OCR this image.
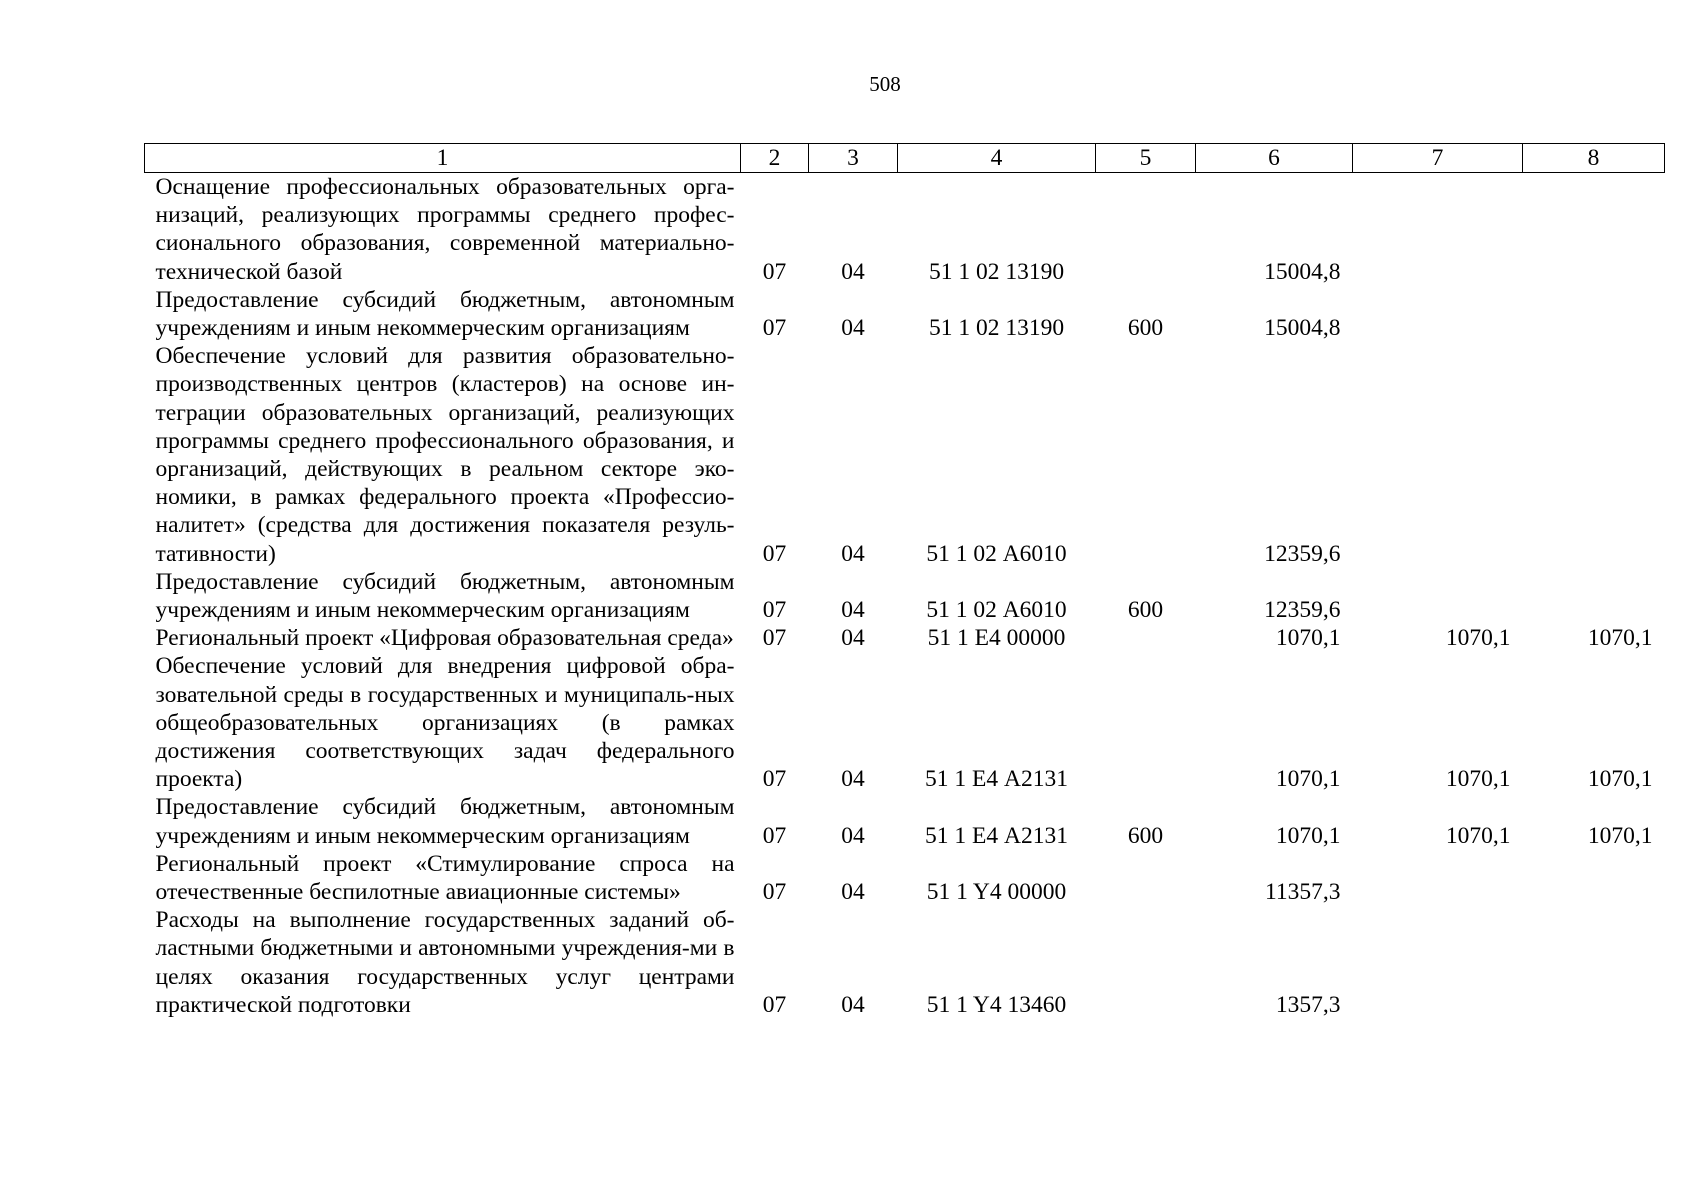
508
1	2	3	4	5	6	7	8
Оснащение профессиональных образовательных орга-низаций, реализующих программы среднего профес-сионального образования, современной материально-технической базой	07	04	51 1 02 13190		15004,8		
Предоставление субсидий бюджетным, автономным учреждениям и иным некоммерческим организациям	07	04	51 1 02 13190	600	15004,8		
Обеспечение условий для развития образовательно-производственных центров (кластеров) на основе ин-теграции образовательных организаций, реализующих программы среднего профессионального образования, и организаций, действующих в реальном секторе эко-номики, в рамках федерального проекта «Профессио-налитет» (средства для достижения показателя резуль-тативности)	07	04	51 1 02 А6010		12359,6		
Предоставление субсидий бюджетным, автономным учреждениям и иным некоммерческим организациям	07	04	51 1 02 А6010	600	12359,6		
Региональный проект «Цифровая образовательная среда»	07	04	51 1 Е4 00000		1070,1	1070,1	1070,1
Обеспечение условий для внедрения цифровой обра-зовательной среды в государственных и муниципаль-ных общеобразовательных организациях (в рамках достижения соответствующих задач федерального проекта)	07	04	51 1 Е4 А2131		1070,1	1070,1	1070,1
Предоставление субсидий бюджетным, автономным учреждениям и иным некоммерческим организациям	07	04	51 1 Е4 А2131	600	1070,1	1070,1	1070,1
Региональный проект «Стимулирование спроса на отечественные беспилотные авиационные системы»	07	04	51 1 Y4 00000		11357,3		
Расходы на выполнение государственных заданий об-ластными бюджетными и автономными учреждения-ми в целях оказания государственных услуг центрами практической подготовки	07	04	51 1 Y4 13460		1357,3		
